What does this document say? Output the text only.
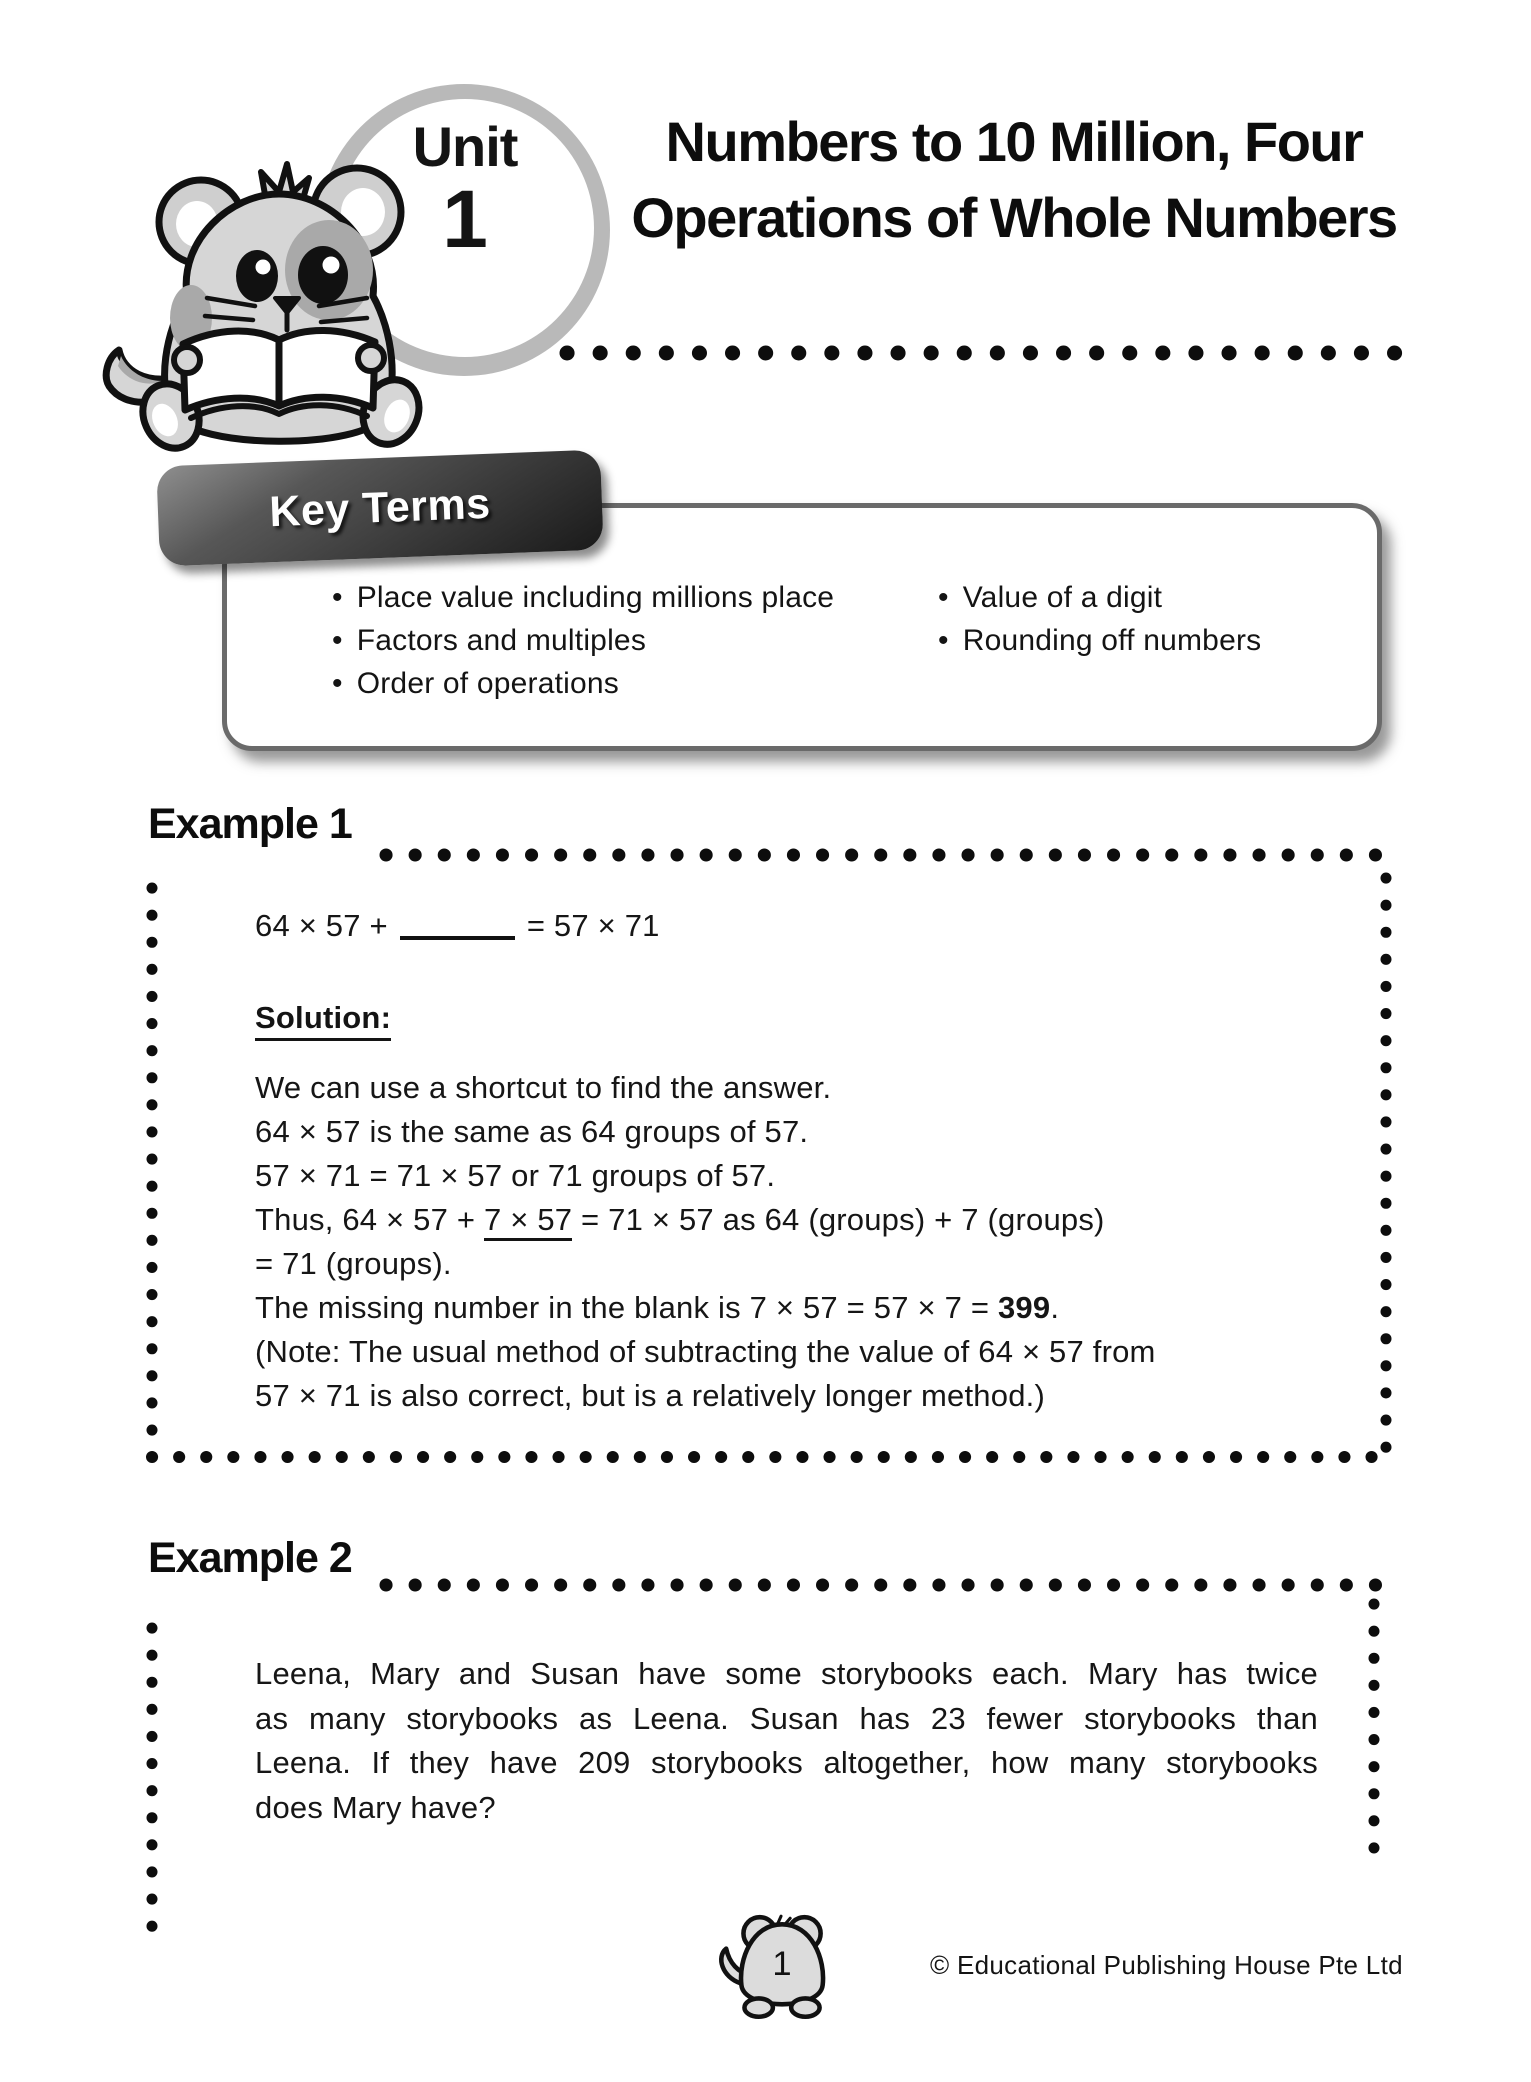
Unit
1
Numbers to 10 Million, Four Operations of Whole Numbers
Key Terms
• Place value including millions place
• Factors and multiples
• Order of operations
• Value of a digit
• Rounding off numbers
Example 1
64 × 57 +	= 57 × 71
Solution:
We can use a shortcut to find the answer.
64 × 57 is the same as 64 groups of 57.
57 × 71 = 71 × 57 or 71 groups of 57.
Thus, 64 × 57 + 7 × 57 = 71 × 57 as 64 (groups) + 7 (groups)
= 71 (groups).
The missing number in the blank is 7 × 57 = 57 × 7 = 399.
(Note: The usual method of subtracting the value of 64 × 57 from
57 × 71 is also correct, but is a relatively longer method.)
Example 2
Leena, Mary and Susan have some storybooks each. Mary has twice
as many storybooks as Leena. Susan has 23 fewer storybooks than
Leena. If they have 209 storybooks altogether, how many storybooks
does Mary have?
1	© Educational Publishing House Pte Ltd
